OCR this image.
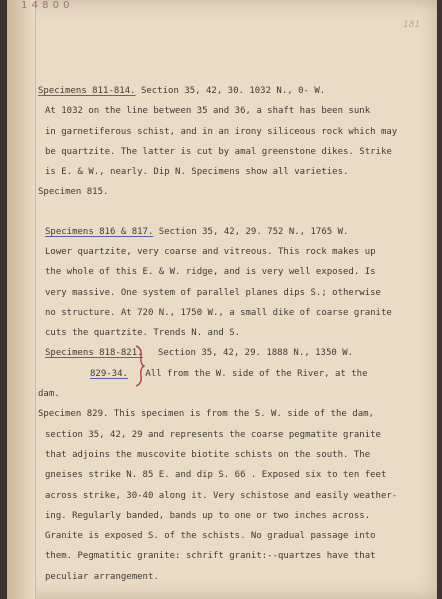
1 4 8 0 0
181
Specimens 811-814. Section 35, 42, 30. 1032 N., 0- W.
At 1032 on the line between 35 and 36, a shaft has been sunk
in garnetiferous schist, and in an irony siliceous rock which may
be quartzite. The latter is cut by amal greenstone dikes. Strike
is E. & W., nearly. Dip N. Specimens show all varieties.
Specimen 815.
Specimens 816 & 817. Section 35, 42, 29. 752 N., 1765 W.
Lower quartzite, very coarse and vitreous. This rock makes up
the whole of this E. & W. ridge, and is very well exposed. Is
very massive. One system of parallel planes dips S.; otherwise
no structure. At 720 N., 1750 W., a small dike of coarse granite
cuts the quartzite. Trends N. and S.
Specimens 818-821. Section 35, 42, 29. 1888 N., 1350 W.
829-34. All from the W. side of the River, at the
dam.
Specimen 829. This specimen is from the S. W. side of the dam,
section 35, 42, 29 and represents the coarse pegmatite granite
that adjoins the muscovite biotite schists on the south. The
gneises strike N. 85 E. and dip S. 66 . Exposed six to ten feet
across strike, 30-40 along it. Very schistose and easily weather-
ing. Regularly banded, bands up to one or two inches across.
Granite is exposed S. of the schists. No gradual passage into
them. Pegmatitic granite: schrift granit:--quartzes have that
peculiar arrangement.
